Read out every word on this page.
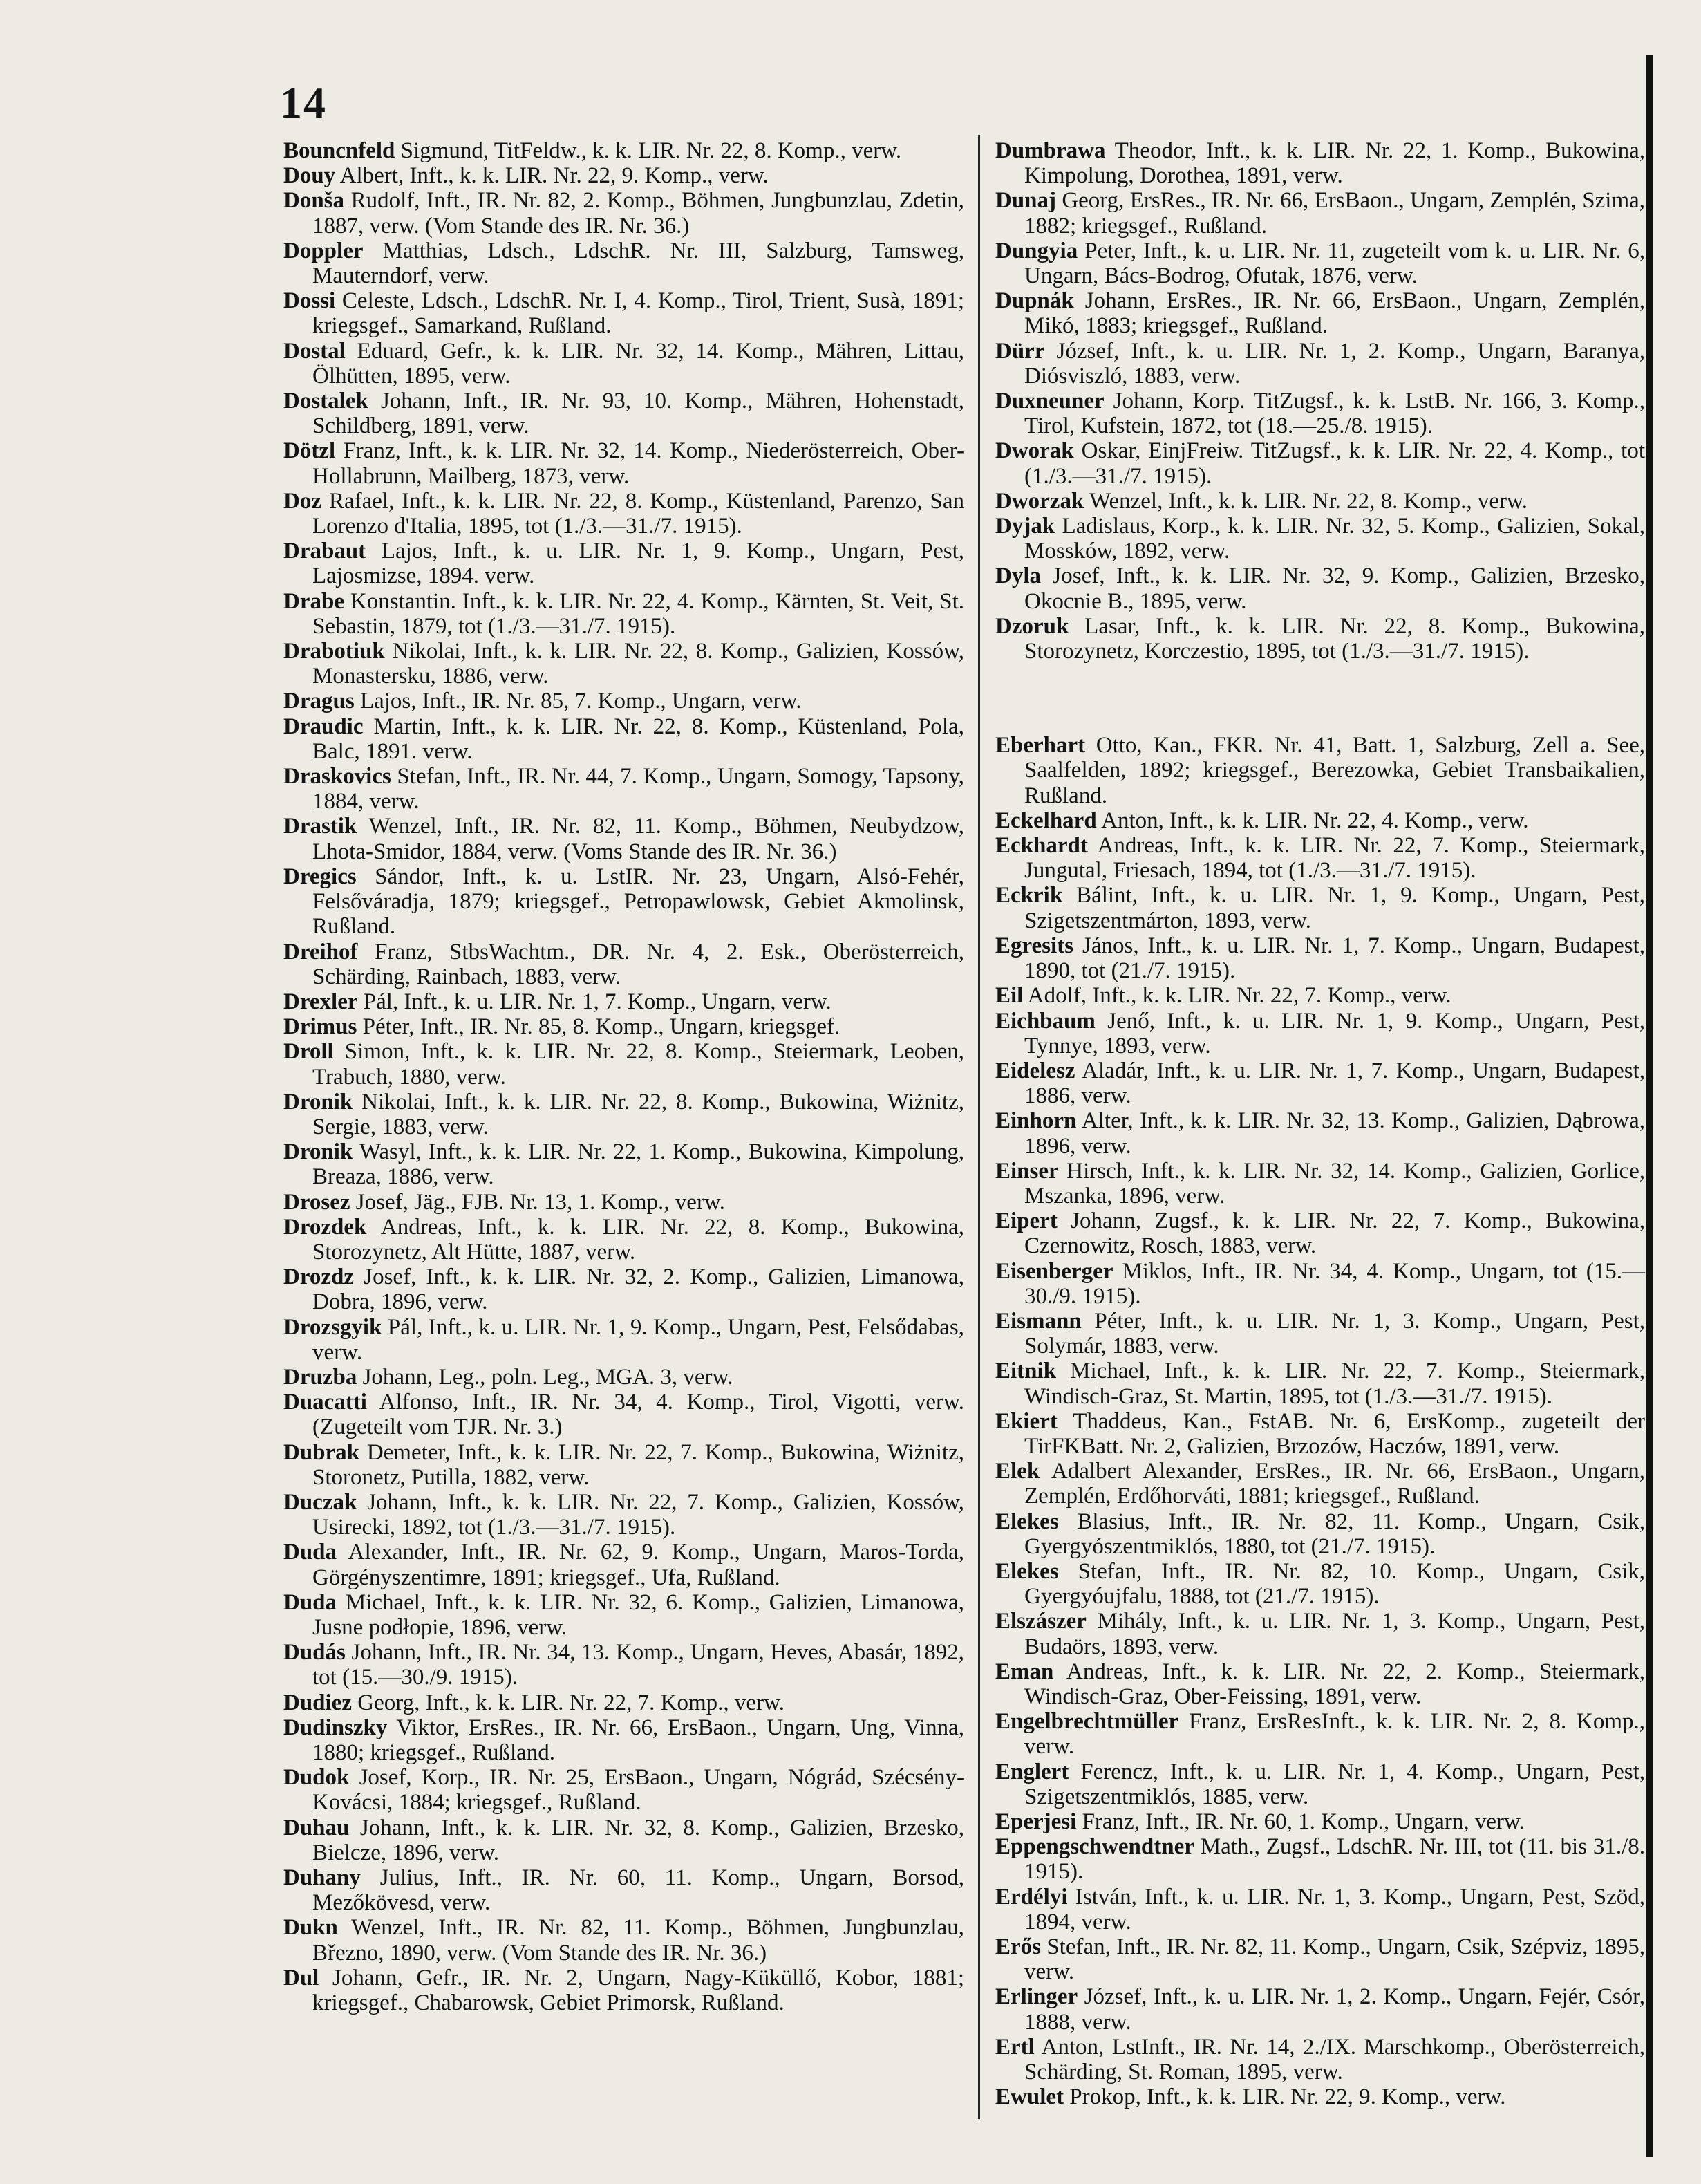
14

Bouncnfeld Sigmund, TitFeldw., k. k. LIR. Nr. 22, 8. Komp., verw.

Douy Albert, Inft., k. k. LIR. Nr. 22, 9. Komp., verw.

Donša Rudolf, Inft., IR. Nr. 82, 2. Komp., Böhmen, Jungbunzlau, Zdetin, 1887, verw. (Vom Stande des IR. Nr. 36.)

Doppler Matthias, Ldsch., LdschR. Nr. III, Salzburg, Tamsweg, Mauterndorf, verw.

Dossi Celeste, Ldsch., LdschR. Nr. I, 4. Komp., Tirol, Trient, Susà, 1891; kriegsgef., Samarkand, Rußland.

Dostal Eduard, Gefr., k. k. LIR. Nr. 32, 14. Komp., Mähren, Littau, Ölhütten, 1895, verw.

Dostalek Johann, Inft., IR. Nr. 93, 10. Komp., Mähren, Hohenstadt, Schildberg, 1891, verw.

Dötzl Franz, Inft., k. k. LIR. Nr. 32, 14. Komp., Niederösterreich, Ober-Hollabrunn, Mailberg, 1873, verw.

Doz Rafael, Inft., k. k. LIR. Nr. 22, 8. Komp., Küstenland, Parenzo, San Lorenzo d'Italia, 1895, tot (1./3.—31./7. 1915).

Drabaut Lajos, Inft., k. u. LIR. Nr. 1, 9. Komp., Ungarn, Pest, Lajosmizse, 1894. verw.

Drabe Konstantin. Inft., k. k. LIR. Nr. 22, 4. Komp., Kärnten, St. Veit, St. Sebastin, 1879, tot (1./3.—31./7. 1915).

Drabotiuk Nikolai, Inft., k. k. LIR. Nr. 22, 8. Komp., Galizien, Kossów, Monastersku, 1886, verw.

Dragus Lajos, Inft., IR. Nr. 85, 7. Komp., Ungarn, verw.

Draudic Martin, Inft., k. k. LIR. Nr. 22, 8. Komp., Küstenland, Pola, Balc, 1891. verw.

Draskovics Stefan, Inft., IR. Nr. 44, 7. Komp., Ungarn, Somogy, Tapsony, 1884, verw.

Drastik Wenzel, Inft., IR. Nr. 82, 11. Komp., Böhmen, Neubydzow, Lhota-Smidor, 1884, verw. (Voms Stande des IR. Nr. 36.)

Dregics Sándor, Inft., k. u. LstIR. Nr. 23, Ungarn, Alsó-Fehér, Felsőváradja, 1879; kriegsgef., Petropawlowsk, Gebiet Akmolinsk, Rußland.

Dreihof Franz, StbsWachtm., DR. Nr. 4, 2. Esk., Oberösterreich, Schärding, Rainbach, 1883, verw.

Drexler Pál, Inft., k. u. LIR. Nr. 1, 7. Komp., Ungarn, verw.

Drimus Péter, Inft., IR. Nr. 85, 8. Komp., Ungarn, kriegsgef.

Droll Simon, Inft., k. k. LIR. Nr. 22, 8. Komp., Steiermark, Leoben, Trabuch, 1880, verw.

Dronik Nikolai, Inft., k. k. LIR. Nr. 22, 8. Komp., Bukowina, Wiżnitz, Sergie, 1883, verw.

Dronik Wasyl, Inft., k. k. LIR. Nr. 22, 1. Komp., Bukowina, Kimpolung, Breaza, 1886, verw.

Drosez Josef, Jäg., FJB. Nr. 13, 1. Komp., verw.

Drozdek Andreas, Inft., k. k. LIR. Nr. 22, 8. Komp., Bukowina, Storozynetz, Alt Hütte, 1887, verw.

Drozdz Josef, Inft., k. k. LIR. Nr. 32, 2. Komp., Galizien, Limanowa, Dobra, 1896, verw.

Drozsgyik Pál, Inft., k. u. LIR. Nr. 1, 9. Komp., Ungarn, Pest, Felsődabas, verw.

Druzba Johann, Leg., poln. Leg., MGA. 3, verw.

Duacatti Alfonso, Inft., IR. Nr. 34, 4. Komp., Tirol, Vigotti, verw. (Zugeteilt vom TJR. Nr. 3.)

Dubrak Demeter, Inft., k. k. LIR. Nr. 22, 7. Komp., Bukowina, Wiżnitz, Storonetz, Putilla, 1882, verw.

Duczak Johann, Inft., k. k. LIR. Nr. 22, 7. Komp., Galizien, Kossów, Usirecki, 1892, tot (1./3.—31./7. 1915).

Duda Alexander, Inft., IR. Nr. 62, 9. Komp., Ungarn, Maros-Torda, Görgényszentimre, 1891; kriegsgef., Ufa, Rußland.

Duda Michael, Inft., k. k. LIR. Nr. 32, 6. Komp., Galizien, Limanowa, Jusne podłopie, 1896, verw.

Dudás Johann, Inft., IR. Nr. 34, 13. Komp., Ungarn, Heves, Abasár, 1892, tot (15.—30./9. 1915).

Dudiez Georg, Inft., k. k. LIR. Nr. 22, 7. Komp., verw.

Dudinszky Viktor, ErsRes., IR. Nr. 66, ErsBaon., Ungarn, Ung, Vinna, 1880; kriegsgef., Rußland.

Dudok Josef, Korp., IR. Nr. 25, ErsBaon., Ungarn, Nógrád, Szécsény-Kovácsi, 1884; kriegsgef., Rußland.

Duhau Johann, Inft., k. k. LIR. Nr. 32, 8. Komp., Galizien, Brzesko, Bielcze, 1896, verw.

Duhany Julius, Inft., IR. Nr. 60, 11. Komp., Ungarn, Borsod, Mezőkövesd, verw.

Dukn Wenzel, Inft., IR. Nr. 82, 11. Komp., Böhmen, Jungbunzlau, Březno, 1890, verw. (Vom Stande des IR. Nr. 36.)

Dul Johann, Gefr., IR. Nr. 2, Ungarn, Nagy-Küküllő, Kobor, 1881; kriegsgef., Chabarowsk, Gebiet Primorsk, Rußland.

Dumbrawa Theodor, Inft., k. k. LIR. Nr. 22, 1. Komp., Bukowina, Kimpolung, Dorothea, 1891, verw.

Dunaj Georg, ErsRes., IR. Nr. 66, ErsBaon., Ungarn, Zemplén, Szima, 1882; kriegsgef., Rußland.

Dungyia Peter, Inft., k. u. LIR. Nr. 11, zugeteilt vom k. u. LIR. Nr. 6, Ungarn, Bács-Bodrog, Ofutak, 1876, verw.

Dupnák Johann, ErsRes., IR. Nr. 66, ErsBaon., Ungarn, Zemplén, Mikó, 1883; kriegsgef., Rußland.

Dürr József, Inft., k. u. LIR. Nr. 1, 2. Komp., Ungarn, Baranya, Diósviszló, 1883, verw.

Duxneuner Johann, Korp. TitZugsf., k. k. LstB. Nr. 166, 3. Komp., Tirol, Kufstein, 1872, tot (18.—25./8. 1915).

Dworak Oskar, EinjFreiw. TitZugsf., k. k. LIR. Nr. 22, 4. Komp., tot (1./3.—31./7. 1915).

Dworzak Wenzel, Inft., k. k. LIR. Nr. 22, 8. Komp., verw.

Dyjak Ladislaus, Korp., k. k. LIR. Nr. 32, 5. Komp., Galizien, Sokal, Mossków, 1892, verw.

Dyla Josef, Inft., k. k. LIR. Nr. 32, 9. Komp., Galizien, Brzesko, Okocnie B., 1895, verw.

Dzoruk Lasar, Inft., k. k. LIR. Nr. 22, 8. Komp., Bukowina, Storozynetz, Korczestio, 1895, tot (1./3.—31./7. 1915).

Eberhart Otto, Kan., FKR. Nr. 41, Batt. 1, Salzburg, Zell a. See, Saalfelden, 1892; kriegsgef., Berezowka, Gebiet Transbaikalien, Rußland.

Eckelhard Anton, Inft., k. k. LIR. Nr. 22, 4. Komp., verw.

Eckhardt Andreas, Inft., k. k. LIR. Nr. 22, 7. Komp., Steiermark, Jungutal, Friesach, 1894, tot (1./3.—31./7. 1915).

Eckrik Bálint, Inft., k. u. LIR. Nr. 1, 9. Komp., Ungarn, Pest, Szigetszentmárton, 1893, verw.

Egresits János, Inft., k. u. LIR. Nr. 1, 7. Komp., Ungarn, Budapest, 1890, tot (21./7. 1915).

Eil Adolf, Inft., k. k. LIR. Nr. 22, 7. Komp., verw.

Eichbaum Jenő, Inft., k. u. LIR. Nr. 1, 9. Komp., Ungarn, Pest, Tynnye, 1893, verw.

Eidelesz Aladár, Inft., k. u. LIR. Nr. 1, 7. Komp., Ungarn, Budapest, 1886, verw.

Einhorn Alter, Inft., k. k. LIR. Nr. 32, 13. Komp., Galizien, Dąbrowa, 1896, verw.

Einser Hirsch, Inft., k. k. LIR. Nr. 32, 14. Komp., Galizien, Gorlice, Mszanka, 1896, verw.

Eipert Johann, Zugsf., k. k. LIR. Nr. 22, 7. Komp., Bukowina, Czernowitz, Rosch, 1883, verw.

Eisenberger Miklos, Inft., IR. Nr. 34, 4. Komp., Ungarn, tot (15.—30./9. 1915).

Eismann Péter, Inft., k. u. LIR. Nr. 1, 3. Komp., Ungarn, Pest, Solymár, 1883, verw.

Eitnik Michael, Inft., k. k. LIR. Nr. 22, 7. Komp., Steiermark, Windisch-Graz, St. Martin, 1895, tot (1./3.—31./7. 1915).

Ekiert Thaddeus, Kan., FstAB. Nr. 6, ErsKomp., zugeteilt der TirFKBatt. Nr. 2, Galizien, Brzozów, Haczów, 1891, verw.

Elek Adalbert Alexander, ErsRes., IR. Nr. 66, ErsBaon., Ungarn, Zemplén, Erdőhorváti, 1881; kriegsgef., Rußland.

Elekes Blasius, Inft., IR. Nr. 82, 11. Komp., Ungarn, Csik, Gyergyószentmiklós, 1880, tot (21./7. 1915).

Elekes Stefan, Inft., IR. Nr. 82, 10. Komp., Ungarn, Csik, Gyergyóujfalu, 1888, tot (21./7. 1915).

Elszászer Mihály, Inft., k. u. LIR. Nr. 1, 3. Komp., Ungarn, Pest, Budaörs, 1893, verw.

Eman Andreas, Inft., k. k. LIR. Nr. 22, 2. Komp., Steiermark, Windisch-Graz, Ober-Feissing, 1891, verw.

Engelbrechtmüller Franz, ErsResInft., k. k. LIR. Nr. 2, 8. Komp., verw.

Englert Ferencz, Inft., k. u. LIR. Nr. 1, 4. Komp., Ungarn, Pest, Szigetszentmiklós, 1885, verw.

Eperjesi Franz, Inft., IR. Nr. 60, 1. Komp., Ungarn, verw.

Eppengschwendtner Math., Zugsf., LdschR. Nr. III, tot (11. bis 31./8. 1915).

Erdélyi István, Inft., k. u. LIR. Nr. 1, 3. Komp., Ungarn, Pest, Szöd, 1894, verw.

Erős Stefan, Inft., IR. Nr. 82, 11. Komp., Ungarn, Csik, Szépviz, 1895, verw.

Erlinger József, Inft., k. u. LIR. Nr. 1, 2. Komp., Ungarn, Fejér, Csór, 1888, verw.

Ertl Anton, LstInft., IR. Nr. 14, 2./IX. Marschkomp., Oberösterreich, Schärding, St. Roman, 1895, verw.

Ewulet Prokop, Inft., k. k. LIR. Nr. 22, 9. Komp., verw.
